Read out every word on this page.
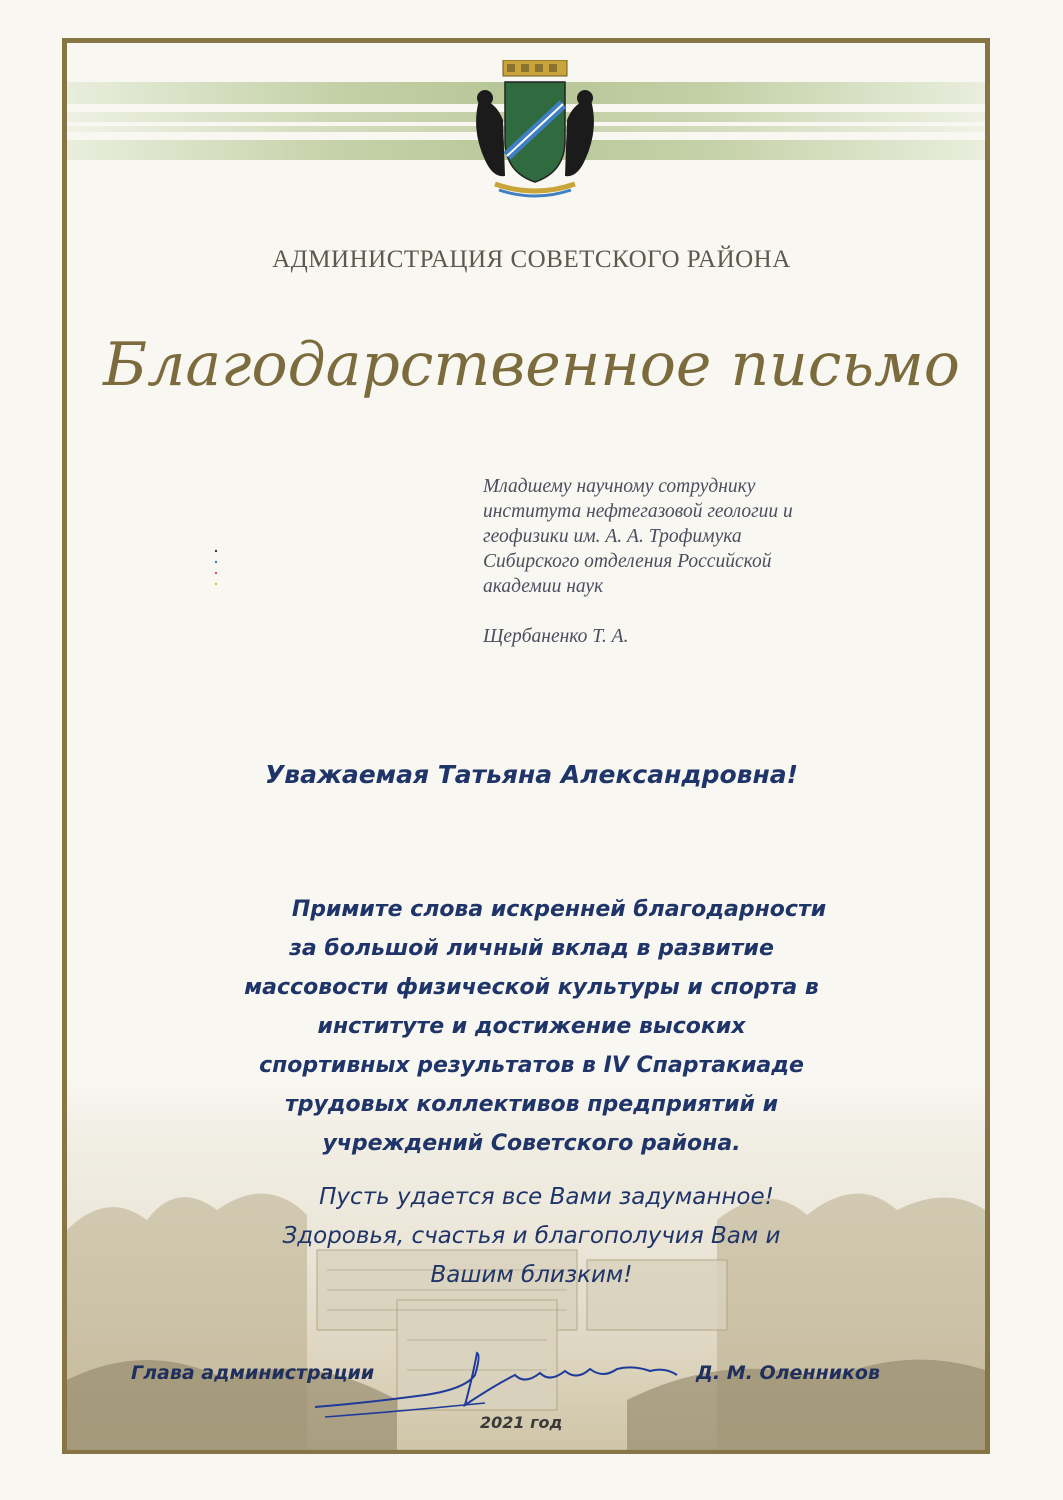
АДМИНИСТРАЦИЯ СОВЕТСКОГО РАЙОНА
Благодарственное письмо
Младшему научному сотруднику
института нефтегазовой геологии и
геофизики им. А. А. Трофимука
Сибирского отделения Российской
академии наук
Щербаненко Т. А.
Уважаемая Татьяна Александровна!
Примите слова искренней благодарности
за большой личный вклад в развитие
массовости физической культуры и спорта в
институте и достижение высоких
спортивных результатов в IV Спартакиаде
трудовых коллективов предприятий и
учреждений Советского района.
Пусть удается все Вами задуманное!
Здоровья, счастья и благополучия Вам и
Вашим близким!
Глава администрации	Д. М. Оленников
2021 год
